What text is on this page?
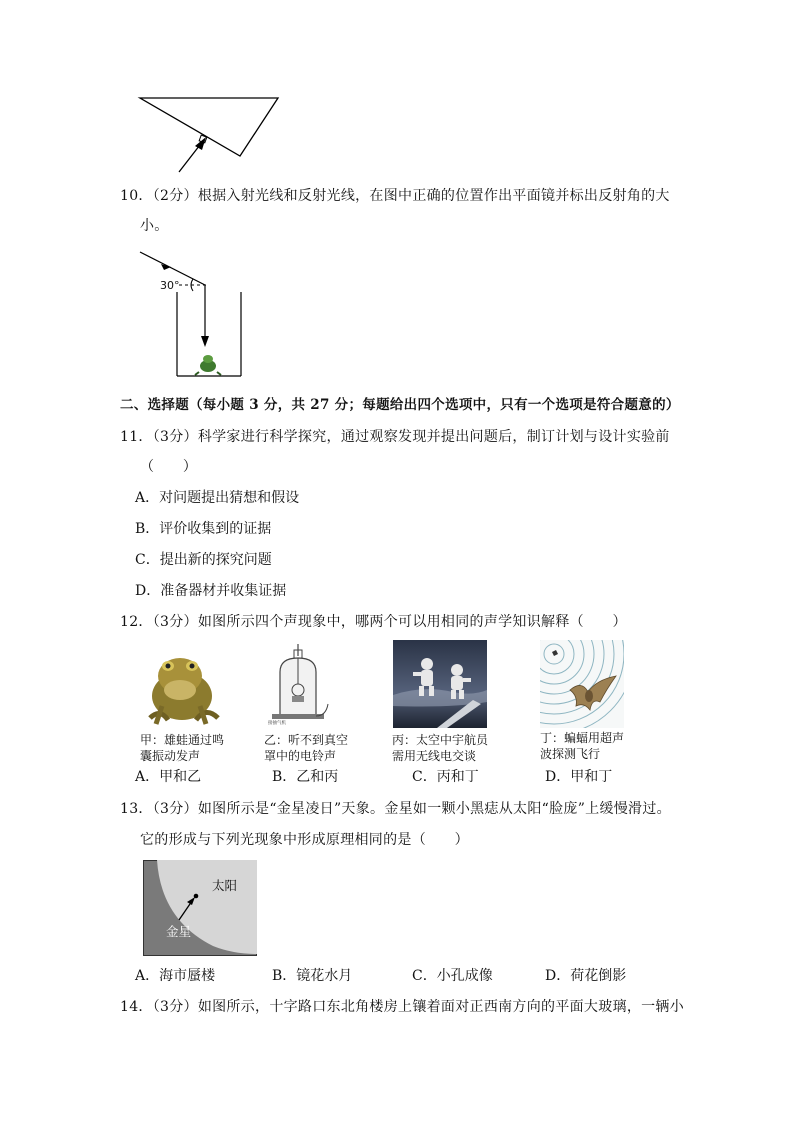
10．（2分）根据入射光线和反射光线，在图中正确的位置作出平面镜并标出反射角的大
小。
30°
二、选择题（每小题 3 分，共 27 分；每题给出四个选项中，只有一个选项是符合题意的）
11．（3分）科学家进行科学探究，通过观察发现并提出问题后，制订计划与设计实验前
（　　）
A．对问题提出猜想和假设
B．评价收集到的证据
C．提出新的探究问题
D．准备器材并收集证据
12．（3分）如图所示四个声现象中，哪两个可以用相同的声学知识解释（　　）
接抽气机
甲：雄蛙通过鸣
囊振动发声
乙：听不到真空
罩中的电铃声
丙：太空中宇航员
需用无线电交谈
丁：蝙蝠用超声
波探测飞行
A．甲和乙	B．乙和丙	C．丙和丁	D．甲和丁
13．（3分）如图所示是“金星凌日”天象。金星如一颗小黑痣从太阳“脸庞”上缓慢滑过。
它的形成与下列光现象中形成原理相同的是（　　）
太阳
金星
A．海市蜃楼	B．镜花水月	C．小孔成像	D．荷花倒影
14．（3分）如图所示，十字路口东北角楼房上镶着面对正西南方向的平面大玻璃，一辆小
